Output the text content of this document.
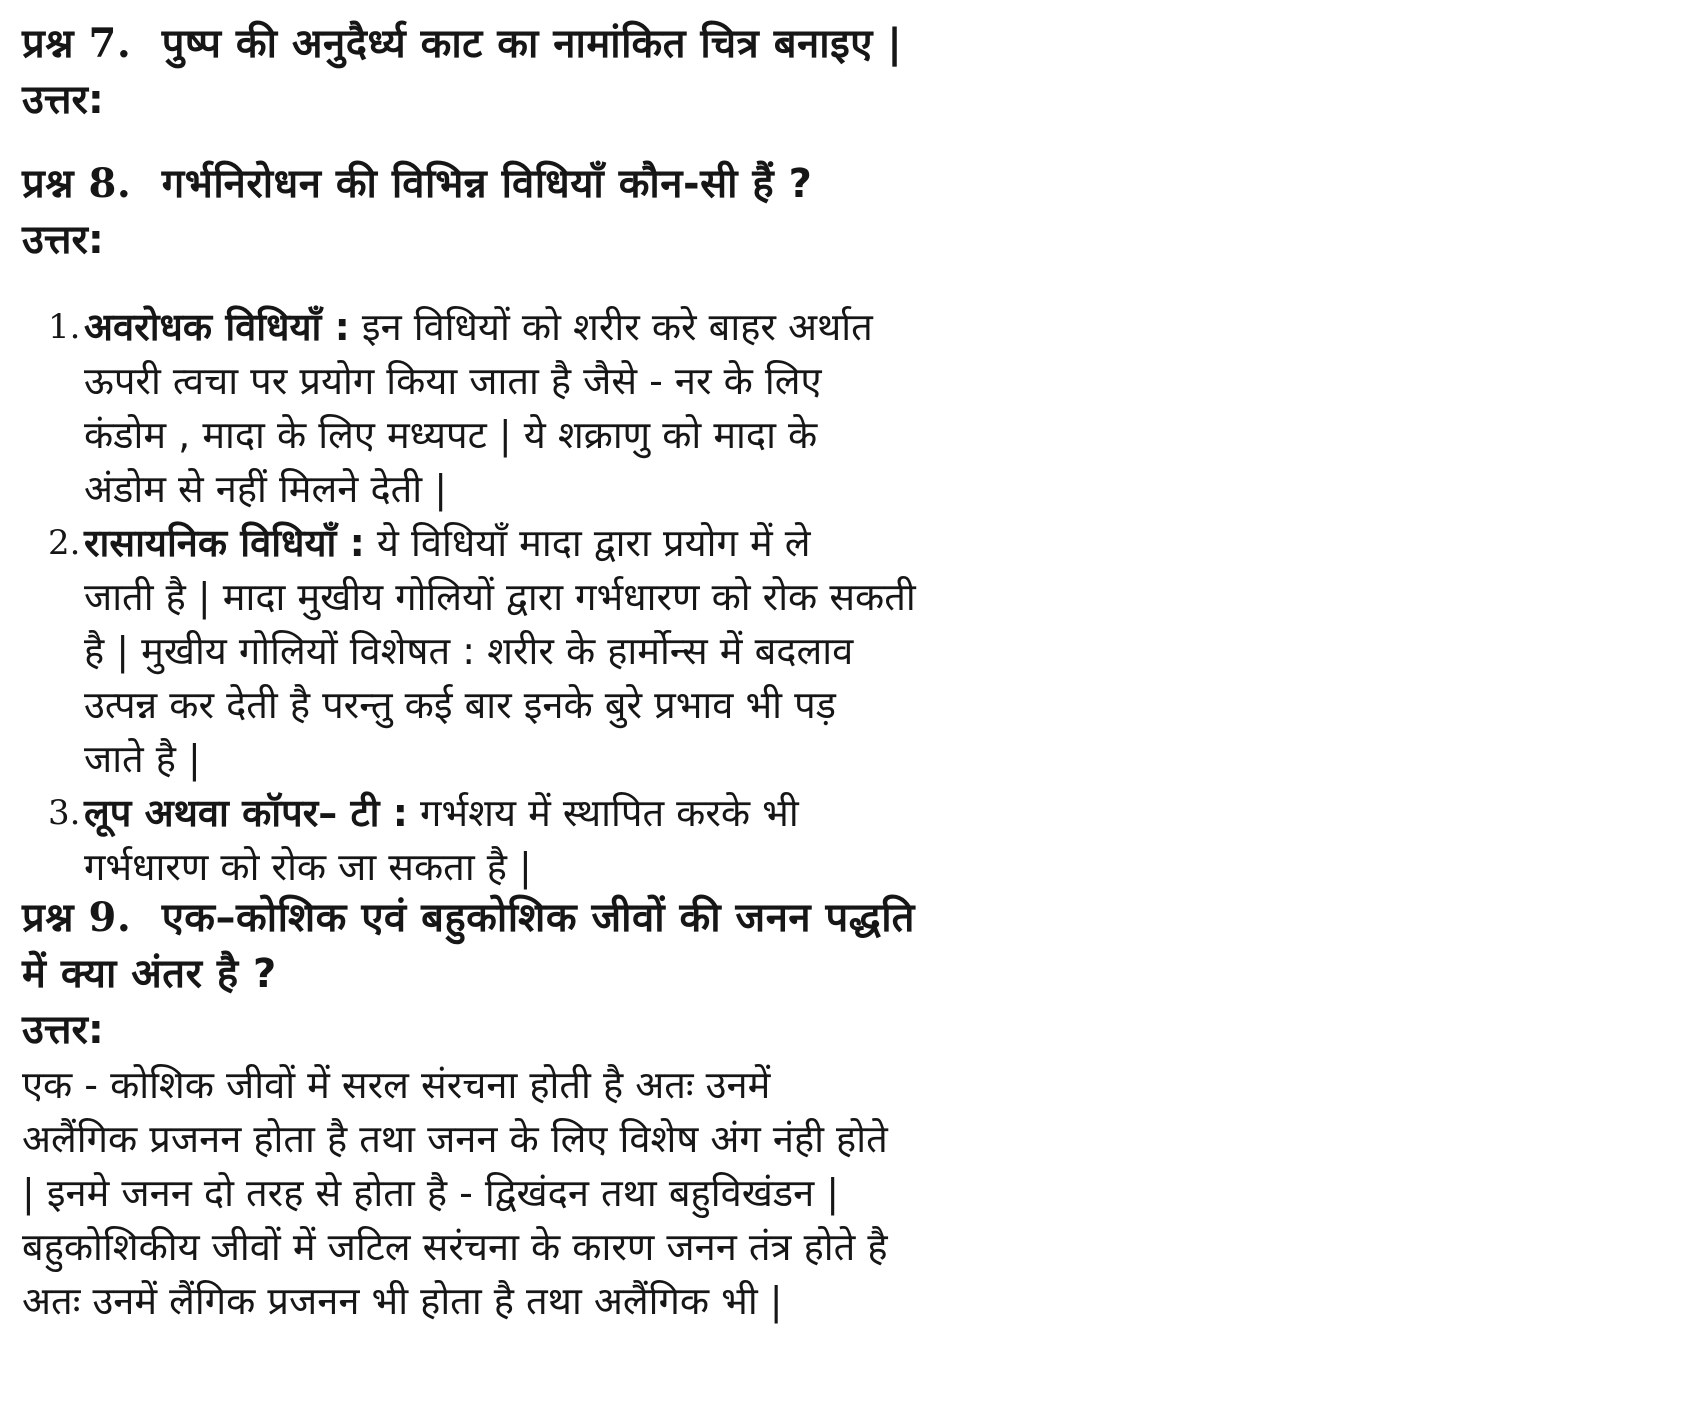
प्रश्न 7. पुष्प की अनुदैर्ध्य काट का नामांकित चित्र बनाइए |
उत्तर:
प्रश्न 8. गर्भनिरोधन की विभिन्न विधियाँ कौन-सी हैं ?
उत्तर:
1. अवरोधक विधियाँ : इन विधियों को शरीर करे बाहर अर्थात
ऊपरी त्वचा पर प्रयोग किया जाता है जैसे - नर के लिए
कंडोम , मादा के लिए मध्यपट | ये शक्राणु को मादा के
अंडोम से नहीं मिलने देती |
2. रासायनिक विधियाँ : ये विधियाँ मादा द्वारा प्रयोग में ले
जाती है | मादा मुखीय गोलियों द्वारा गर्भधारण को रोक सकती
है | मुखीय गोलियों विशेषत : शरीर के हार्मोन्स में बदलाव
उत्पन्न कर देती है परन्तु कई बार इनके बुरे प्रभाव भी पड़
जाते है |
3. लूप अथवा कॉपर– टी : गर्भशय में स्थापित करके भी
गर्भधारण को रोक जा सकता है |
प्रश्न 9. एक–कोशिक एवं बहुकोशिक जीवों की जनन पद्धति
में क्या अंतर है ?
उत्तर:
एक - कोशिक जीवों में सरल संरचना होती है अतः उनमें
अलैंगिक प्रजनन होता है तथा जनन के लिए विशेष अंग नंही होते
| इनमे जनन दो तरह से होता है - द्विखंदन तथा बहुविखंडन |
बहुकोशिकीय जीवों में जटिल सरंचना के कारण जनन तंत्र होते है
अतः उनमें लैंगिक प्रजनन भी होता है तथा अलैंगिक भी |
